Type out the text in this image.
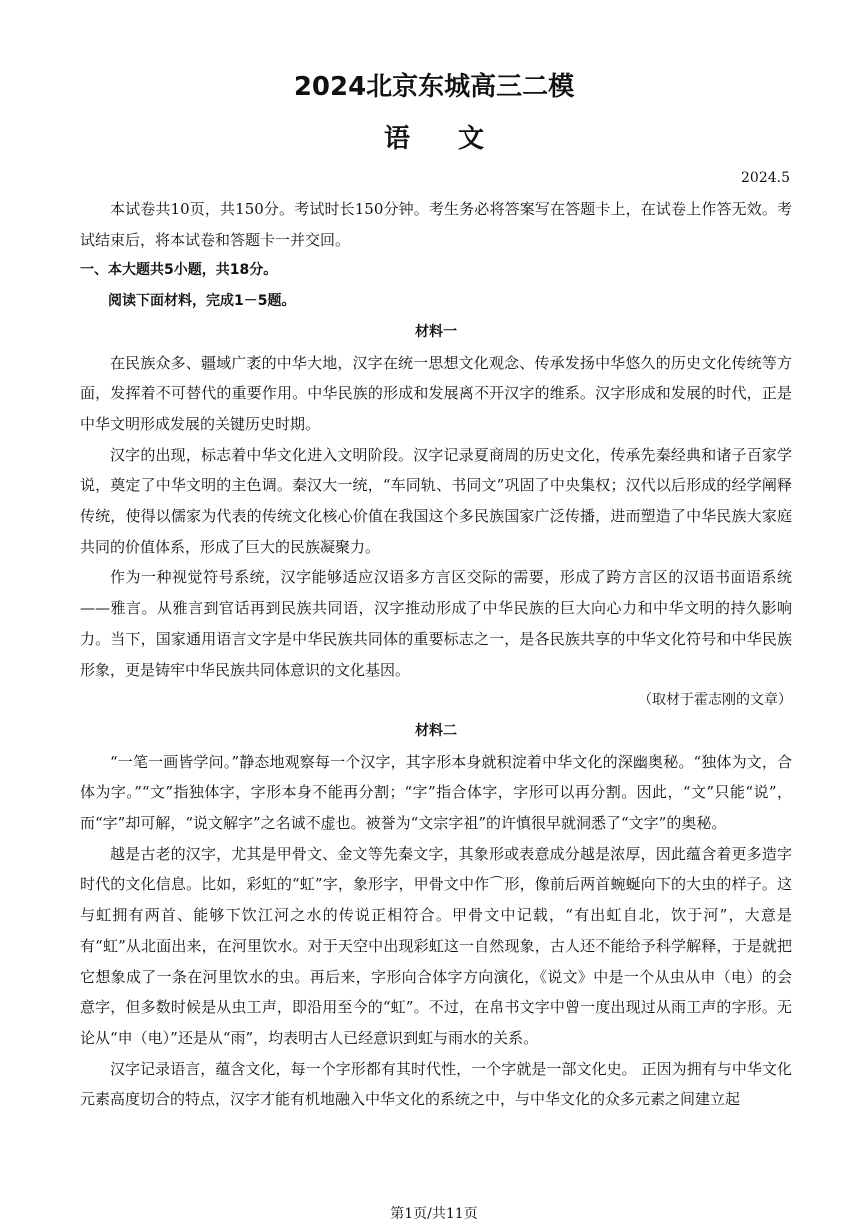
2024北京东城高三二模
语文
2024.5

本试卷共10页，共150分。考试时长150分钟。考生务必将答案写在答题卡上，在试卷上作答无效。考试结束后，将本试卷和答题卡一并交回。

一、本大题共5小题，共18分。

阅读下面材料，完成1－5题。

材料一

在民族众多、疆域广袤的中华大地，汉字在统一思想文化观念、传承发扬中华悠久的历史文化传统等方面，发挥着不可替代的重要作用。中华民族的形成和发展离不开汉字的维系。汉字形成和发展的时代，正是中华文明形成发展的关键历史时期。

汉字的出现，标志着中华文化进入文明阶段。汉字记录夏商周的历史文化，传承先秦经典和诸子百家学说，奠定了中华文明的主色调。秦汉大一统，“车同轨、书同文”巩固了中央集权；汉代以后形成的经学阐释传统，使得以儒家为代表的传统文化核心价值在我国这个多民族国家广泛传播，进而塑造了中华民族大家庭共同的价值体系，形成了巨大的民族凝聚力。

作为一种视觉符号系统，汉字能够适应汉语多方言区交际的需要，形成了跨方言区的汉语书面语系统——雅言。从雅言到官话再到民族共同语，汉字推动形成了中华民族的巨大向心力和中华文明的持久影响力。当下，国家通用语言文字是中华民族共同体的重要标志之一，是各民族共享的中华文化符号和中华民族形象，更是铸牢中华民族共同体意识的文化基因。

（取材于霍志刚的文章）

材料二

“一笔一画皆学问。”静态地观察每一个汉字，其字形本身就积淀着中华文化的深幽奥秘。“独体为文，合体为字。”“文”指独体字，字形本身不能再分割；“字”指合体字，字形可以再分割。因此，“文”只能“说”，而“字”却可解，“说文解字”之名诚不虚也。被誉为“文宗字祖”的许慎很早就洞悉了“文字”的奥秘。

越是古老的汉字，尤其是甲骨文、金文等先秦文字，其象形或表意成分越是浓厚，因此蕴含着更多造字时代的文化信息。比如，彩虹的“虹”字，象形字，甲骨文中作⌒形，像前后两首蜿蜒向下的大虫的样子。这与虹拥有两首、能够下饮江河之水的传说正相符合。甲骨文中记载，“有出虹自北，饮于河”，大意是有“虹”从北面出来，在河里饮水。对于天空中出现彩虹这一自然现象，古人还不能给予科学解释，于是就把它想象成了一条在河里饮水的虫。再后来，字形向合体字方向演化，《说文》中是一个从虫从申（电）的会意字，但多数时候是从虫工声，即沿用至今的“虹”。不过，在帛书文字中曾一度出现过从雨工声的字形。无论从“申（电）”还是从“雨”，均表明古人已经意识到虹与雨水的关系。

汉字记录语言，蕴含文化，每一个字形都有其时代性，一个字就是一部文化史。 正因为拥有与中华文化元素高度切合的特点，汉字才能有机地融入中华文化的系统之中，与中华文化的众多元素之间建立起

第1页/共11页
